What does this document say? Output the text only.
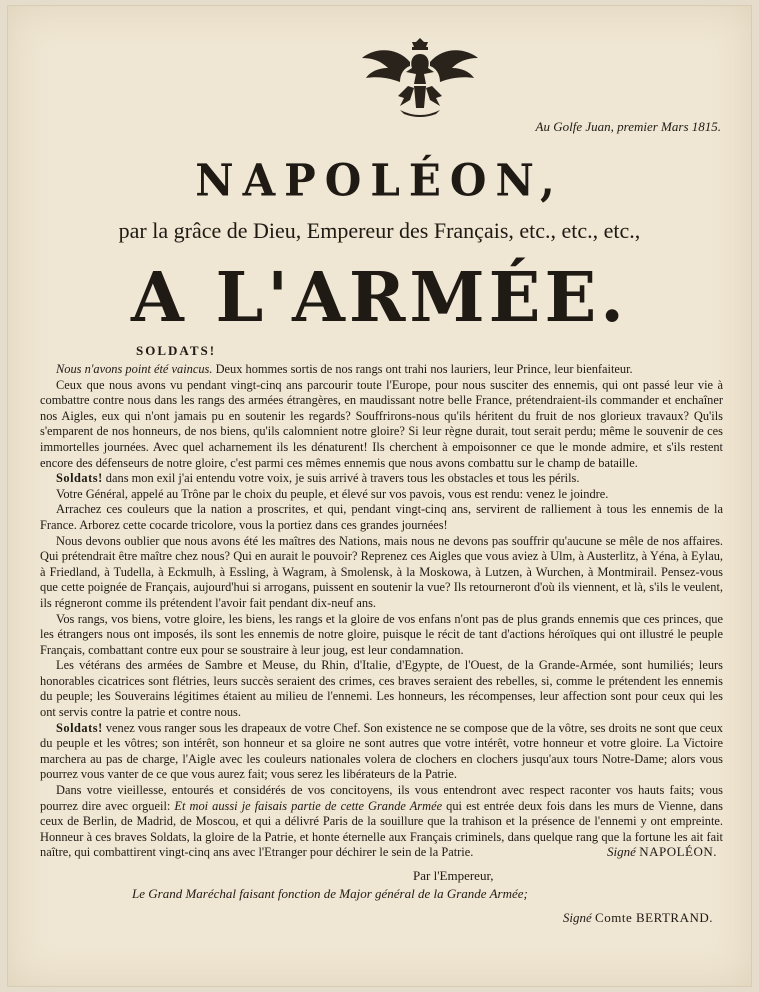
Au Golfe Juan, premier Mars 1815.
NAPOLÉON,
par la grâce de Dieu, Empereur des Français, etc., etc., etc.,
A L'ARMÉE.
SOLDATS!

Nous n'avons point été vaincus. Deux hommes sortis de nos rangs ont trahi nos lauriers, leur Prince, leur bienfaiteur.

Ceux que nous avons vu pendant vingt-cinq ans parcourir toute l'Europe, pour nous susciter des ennemis, qui ont passé leur vie à combattre contre nous dans les rangs des armées étrangères, en maudissant notre belle France, prétendraient-ils commander et enchaîner nos Aigles, eux qui n'ont jamais pu en soutenir les regards? Souffrirons-nous qu'ils héritent du fruit de nos glorieux travaux? Qu'ils s'emparent de nos honneurs, de nos biens, qu'ils calomnient notre gloire? Si leur règne durait, tout serait perdu; même le souvenir de ces immortelles journées. Avec quel acharnement ils les dénaturent! Ils cherchent à empoisonner ce que le monde admire, et s'ils restent encore des défenseurs de notre gloire, c'est parmi ces mêmes ennemis que nous avons combattu sur le champ de bataille.

Soldats! dans mon exil j'ai entendu votre voix, je suis arrivé à travers tous les obstacles et tous les périls.

Votre Général, appelé au Trône par le choix du peuple, et élevé sur vos pavois, vous est rendu: venez le joindre.

Arrachez ces couleurs que la nation a proscrites, et qui, pendant vingt-cinq ans, servirent de ralliement à tous les ennemis de la France. Arborez cette cocarde tricolore, vous la portiez dans ces grandes journées!

Nous devons oublier que nous avons été les maîtres des Nations, mais nous ne devons pas souffrir qu'aucune se mêle de nos affaires. Qui prétendrait être maître chez nous? Qui en aurait le pouvoir? Reprenez ces Aigles que vous aviez à Ulm, à Austerlitz, à Yéna, à Eylau, à Friedland, à Tudella, à Eckmulh, à Essling, à Wagram, à Smolensk, à la Moskowa, à Lutzen, à Wurchen, à Montmirail. Pensez-vous que cette poignée de Français, aujourd'hui si arrogans, puissent en soutenir la vue? Ils retourneront d'où ils viennent, et là, s'ils le veulent, ils régneront comme ils prétendent l'avoir fait pendant dix-neuf ans.

Vos rangs, vos biens, votre gloire, les biens, les rangs et la gloire de vos enfans n'ont pas de plus grands ennemis que ces princes, que les étrangers nous ont imposés, ils sont les ennemis de notre gloire, puisque le récit de tant d'actions héroïques qui ont illustré le peuple Français, combattant contre eux pour se soustraire à leur joug, est leur condamnation.

Les vétérans des armées de Sambre et Meuse, du Rhin, d'Italie, d'Egypte, de l'Ouest, de la Grande-Armée, sont humiliés; leurs honorables cicatrices sont flétries, leurs succès seraient des crimes, ces braves seraient des rebelles, si, comme le prétendent les ennemis du peuple; les Souverains légitimes étaient au milieu de l'ennemi. Les honneurs, les récompenses, leur affection sont pour ceux qui les ont servis contre la patrie et contre nous.

Soldats! venez vous ranger sous les drapeaux de votre Chef. Son existence ne se compose que de la vôtre, ses droits ne sont que ceux du peuple et les vôtres; son intérêt, son honneur et sa gloire ne sont autres que votre intérêt, votre honneur et votre gloire. La Victoire marchera au pas de charge, l'Aigle avec les couleurs nationales volera de clochers en clochers jusqu'aux tours Notre-Dame; alors vous pourrez vous vanter de ce que vous aurez fait; vous serez les libérateurs de la Patrie.

Dans votre vieillesse, entourés et considérés de vos concitoyens, ils vous entendront avec respect raconter vos hauts faits; vous pourrez dire avec orgueil: Et moi aussi je faisais partie de cette Grande Armée qui est entrée deux fois dans les murs de Vienne, dans ceux de Berlin, de Madrid, de Moscou, et qui a délivré Paris de la souillure que la trahison et la présence de l'ennemi y ont empreinte. Honneur à ces braves Soldats, la gloire de la Patrie, et honte éternelle aux Français criminels, dans quelque rang que la fortune les ait fait naître, qui combattirent vingt-cinq ans avec l'Etranger pour déchirer le sein de la Patrie.	Signé NAPOLÉON.
Par l'Empereur,
Le Grand Maréchal faisant fonction de Major général de la Grande Armée;
Signé Comte BERTRAND.
